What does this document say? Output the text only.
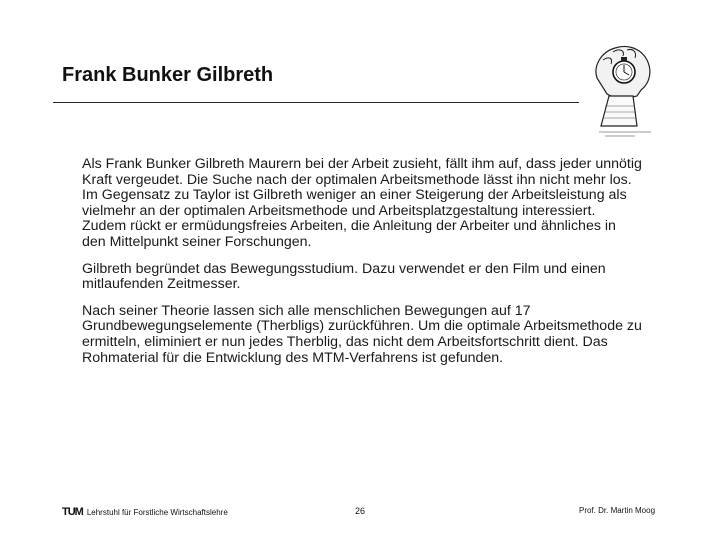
Frank Bunker Gilbreth

Als Frank Bunker Gilbreth Maurern bei der Arbeit zusieht, fällt ihm auf, dass jeder unnötig Kraft vergeudet. Die Suche nach der optimalen Arbeitsmethode lässt ihn nicht mehr los. Im Gegensatz zu Taylor ist Gilbreth weniger an einer Steigerung der Arbeitsleistung als vielmehr an der optimalen Arbeitsmethode und Arbeitsplatzgestaltung interessiert. Zudem rückt er ermüdungsfreies Arbeiten, die Anleitung der Arbeiter und ähnliches in den Mittelpunkt seiner Forschungen.

Gilbreth begründet das Bewegungsstudium. Dazu verwendet er den Film und einen mitlaufenden Zeitmesser.

Nach seiner Theorie lassen sich alle menschlichen Bewegungen auf 17 Grundbewegungselemente (Therbligs) zurückführen. Um die optimale Arbeitsmethode zu ermitteln, eliminiert er nun jedes Therblig, das nicht dem Arbeitsfortschritt dient. Das Rohmaterial für die Entwicklung des MTM-Verfahrens ist gefunden.

TUM Lehrstuhl für Forstliche Wirtschaftslehre	26	Prof. Dr. Martin Moog
